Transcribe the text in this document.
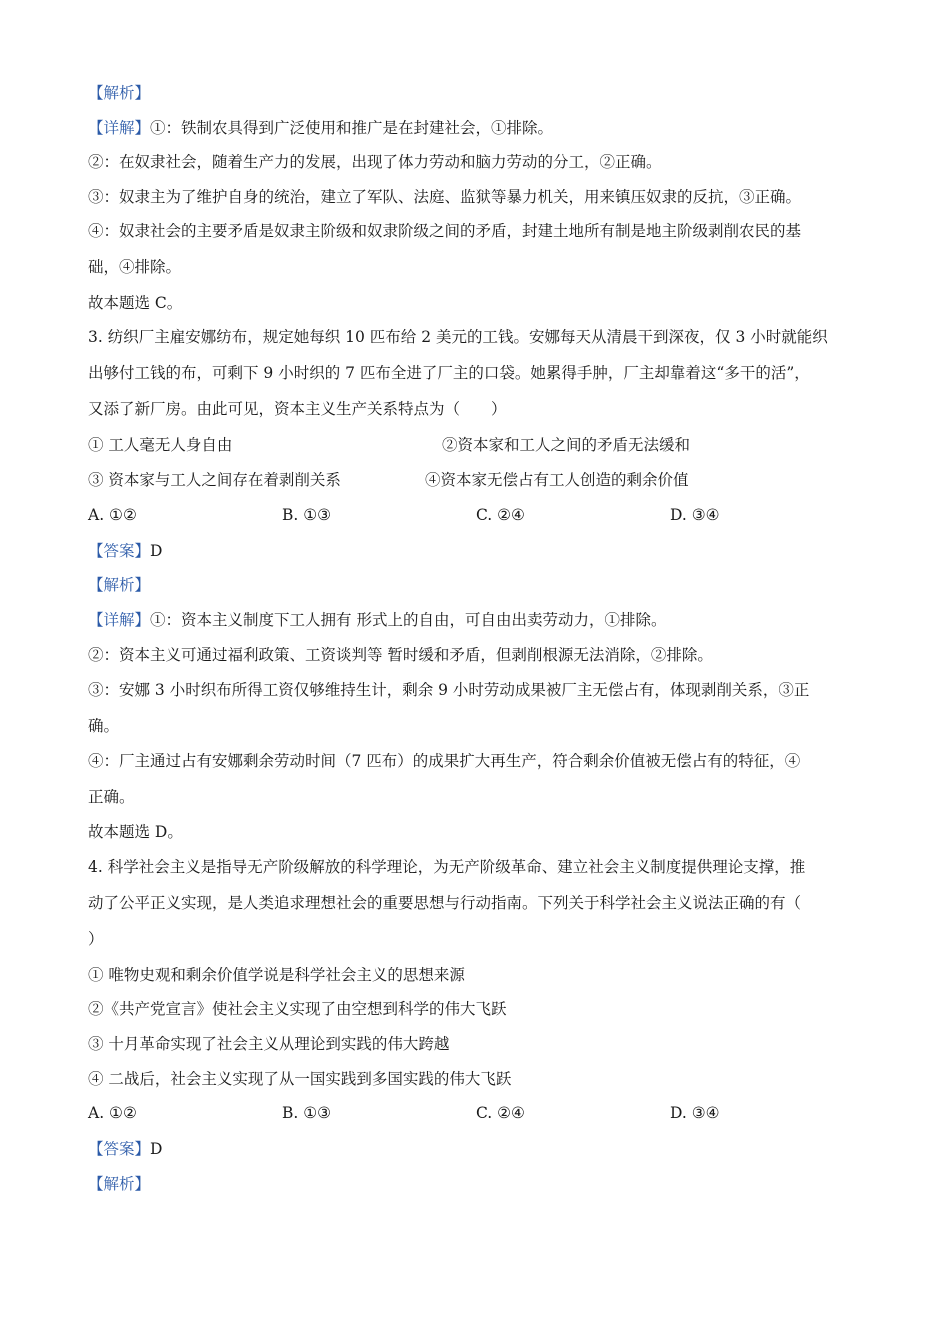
【解析】
【详解】①：铁制农具得到广泛使用和推广是在封建社会，①排除。
②：在奴隶社会，随着生产力的发展，出现了体力劳动和脑力劳动的分工，②正确。
③：奴隶主为了维护自身的统治，建立了军队、法庭、监狱等暴力机关，用来镇压奴隶的反抗，③正确。
④：奴隶社会的主要矛盾是奴隶主阶级和奴隶阶级之间的矛盾，封建土地所有制是地主阶级剥削农民的基
础，④排除。
故本题选 C。
3. 纺织厂主雇安娜纺布，规定她每织 10 匹布给 2 美元的工钱。安娜每天从清晨干到深夜，仅 3 小时就能织
出够付工钱的布，可剩下 9 小时织的 7 匹布全进了厂主的口袋。她累得手肿，厂主却靠着这“多干的活”，
又添了新厂房。由此可见，资本主义生产关系特点为（　　）
【答案】D
【解析】
【详解】①：资本主义制度下工人拥有 形式上的自由，可自由出卖劳动力，①排除。
②：资本主义可通过福利政策、工资谈判等 暂时缓和矛盾，但剥削根源无法消除，②排除。
③：安娜 3 小时织布所得工资仅够维持生计，剩余 9 小时劳动成果被厂主无偿占有，体现剥削关系，③正
确。
④：厂主通过占有安娜剩余劳动时间（7 匹布）的成果扩大再生产，符合剩余价值被无偿占有的特征，④
正确。
故本题选 D。
4. 科学社会主义是指导无产阶级解放的科学理论，为无产阶级革命、建立社会主义制度提供理论支撑，推
动了公平正义实现，是人类追求理想社会的重要思想与行动指南。下列关于科学社会主义说法正确的有（
）
① 唯物史观和剩余价值学说是科学社会主义的思想来源
②《共产党宣言》使社会主义实现了由空想到科学的伟大飞跃
③ 十月革命实现了社会主义从理论到实践的伟大跨越
④ 二战后，社会主义实现了从一国实践到多国实践的伟大飞跃
【答案】D
【解析】
① 工人毫无人身自由	②资本家和工人之间的矛盾无法缓和
③ 资本家与工人之间存在着剥削关系	④资本家无偿占有工人创造的剩余价值
A. ①②	B. ①③	C. ②④	D. ③④
A. ①②	B. ①③	C. ②④	D. ③④
